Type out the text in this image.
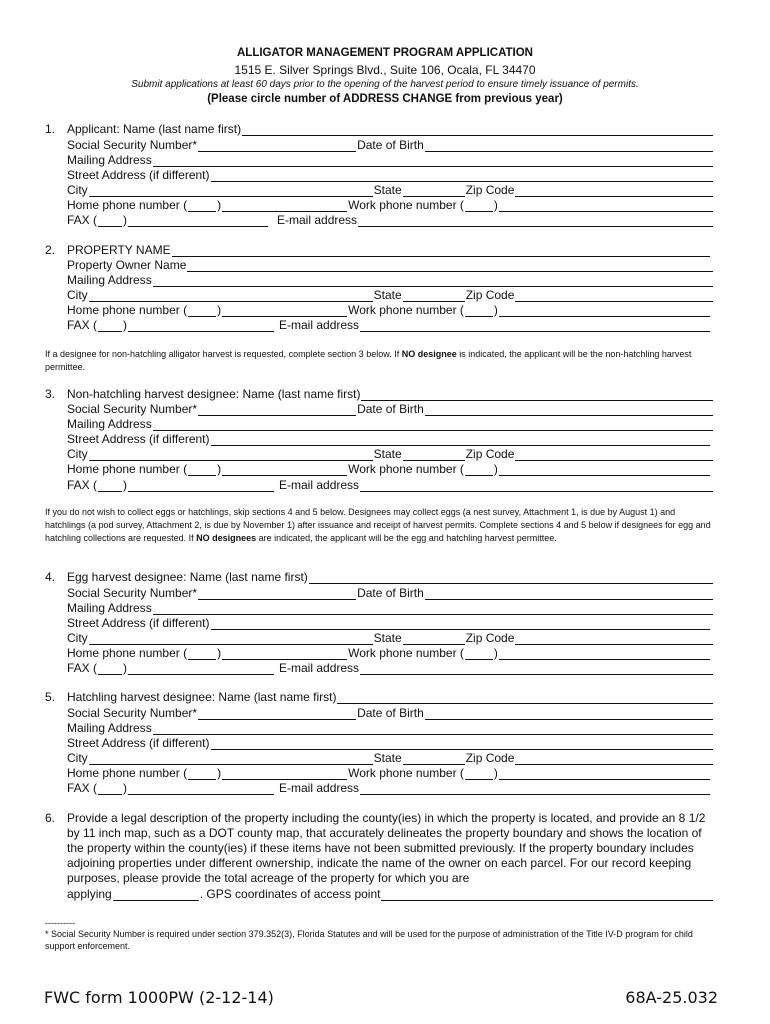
ALLIGATOR MANAGEMENT PROGRAM APPLICATION
1515 E. Silver Springs Blvd., Suite 106, Ocala, FL 34470
Submit applications at least 60 days prior to the opening of the harvest period to ensure timely issuance of permits.
(Please circle number of ADDRESS CHANGE from previous year)
1. Applicant: Name (last name first)
Social Security Number*	Date of Birth
Mailing Address
Street Address (if different)
City	State	Zip Code
Home phone number (	)	Work phone number (	)
FAX ( )	E-mail address
2. PROPERTY NAME
Property Owner Name
Mailing Address
City	State	Zip Code
Home phone number (	)	Work phone number (	)
FAX ( )	E-mail address
If a designee for non-hatchling alligator harvest is requested, complete section 3 below. If NO designee is indicated, the applicant will be the non-hatchling harvest permittee.
3. Non-hatchling harvest designee: Name (last name first)
Social Security Number*	Date of Birth
Mailing Address
Street Address (if different)
City	State	Zip Code
Home phone number (	)	Work phone number (	)
FAX ( )	E-mail address
If you do not wish to collect eggs or hatchlings, skip sections 4 and 5 below. Designees may collect eggs (a nest survey, Attachment 1, is due by August 1) and hatchlings (a pod survey, Attachment 2, is due by November 1) after issuance and receipt of harvest permits. Complete sections 4 and 5 below if designees for egg and hatchling collections are requested. If NO designees are indicated, the applicant will be the egg and hatchling harvest permittee.
4. Egg harvest designee: Name (last name first)
Social Security Number*	Date of Birth
Mailing Address
Street Address (if different)
City	State	Zip Code
Home phone number (	)	Work phone number (	)
FAX ( )	E-mail address
5. Hatchling harvest designee: Name (last name first)
Social Security Number*	Date of Birth
Mailing Address
Street Address (if different)
City	State	Zip Code
Home phone number (	)	Work phone number (	)
FAX ( )	E-mail address
6. Provide a legal description of the property including the county(ies) in which the property is located, and provide an 8 1/2 by 11 inch map, such as a DOT county map, that accurately delineates the property boundary and shows the location of the property within the county(ies) if these items have not been submitted previously. If the property boundary includes adjoining properties under different ownership, indicate the name of the owner on each parcel. For our record keeping purposes, please provide the total acreage of the property for which you are
applying	. GPS coordinates of access point
----------
* Social Security Number is required under section 379.352(3), Florida Statutes and will be used for the purpose of administration of the Title IV-D program for child support enforcement.
FWC form 1000PW (2-12-14)	68A-25.032
